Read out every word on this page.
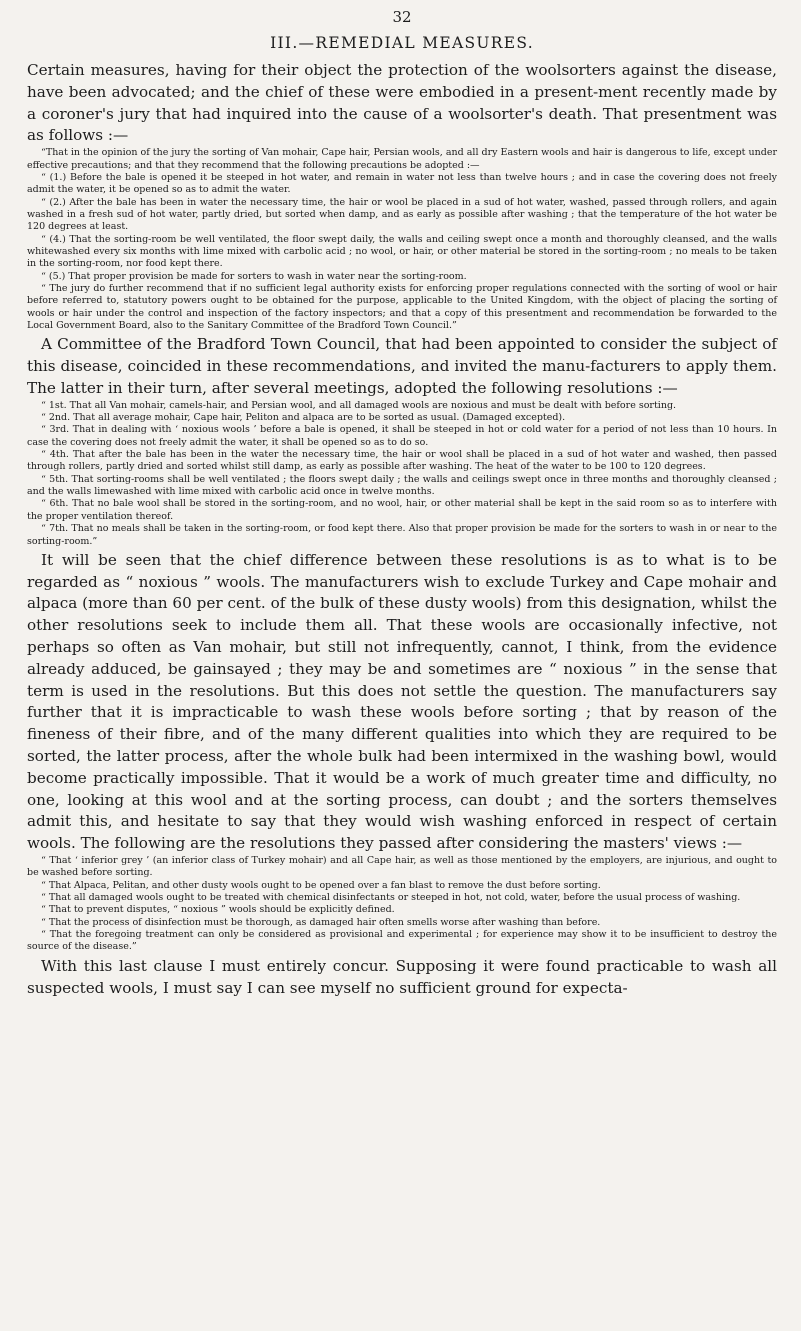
32
III.—REMEDIAL MEASURES.

Certain measures, having for their object the protection of the woolsorters against the disease, have been advocated; and the chief of these were embodied in a present-ment recently made by a coroner's jury that had inquired into the cause of a woolsorter's death. That presentment was as follows :—

“That in the opinion of the jury the sorting of Van mohair, Cape hair, Persian wools, and all dry Eastern wools and hair is dangerous to life, except under effective precautions; and that they recommend that the following precautions be adopted :—

“ (1.) Before the bale is opened it be steeped in hot water, and remain in water not less than twelve hours ; and in case the covering does not freely admit the water, it be opened so as to admit the water.

“ (2.) After the bale has been in water the necessary time, the hair or wool be placed in a sud of hot water, washed, passed through rollers, and again washed in a fresh sud of hot water, partly dried, but sorted when damp, and as early as possible after washing ; that the temperature of the hot water be 120 degrees at least.

“ (4.) That the sorting-room be well ventilated, the floor swept daily, the walls and ceiling swept once a month and thoroughly cleansed, and the walls whitewashed every six months with lime mixed with carbolic acid ; no wool, or hair, or other material be stored in the sorting-room ; no meals to be taken in the sorting-room, nor food kept there.

“ (5.) That proper provision be made for sorters to wash in water near the sorting-room.

“ The jury do further recommend that if no sufficient legal authority exists for enforcing proper regulations connected with the sorting of wool or hair before referred to, statutory powers ought to be obtained for the purpose, applicable to the United Kingdom, with the object of placing the sorting of wools or hair under the control and inspection of the factory inspectors; and that a copy of this presentment and recommendation be forwarded to the Local Government Board, also to the Sanitary Committee of the Bradford Town Council.”

A Committee of the Bradford Town Council, that had been appointed to consider the subject of this disease, coincided in these recommendations, and invited the manu-facturers to apply them. The latter in their turn, after several meetings, adopted the following resolutions :—

“ 1st. That all Van mohair, camels-hair, and Persian wool, and all damaged wools are noxious and must be dealt with before sorting.

“ 2nd. That all average mohair, Cape hair, Peliton and alpaca are to be sorted as usual. (Damaged excepted).

“ 3rd. That in dealing with ‘ noxious wools ’ before a bale is opened, it shall be steeped in hot or cold water for a period of not less than 10 hours. In case the covering does not freely admit the water, it shall be opened so as to do so.

“ 4th. That after the bale has been in the water the necessary time, the hair or wool shall be placed in a sud of hot water and washed, then passed through rollers, partly dried and sorted whilst still damp, as early as possible after washing. The heat of the water to be 100 to 120 degrees.

“ 5th. That sorting-rooms shall be well ventilated ; the floors swept daily ; the walls and ceilings swept once in three months and thoroughly cleansed ; and the walls limewashed with lime mixed with carbolic acid once in twelve months.

“ 6th. That no bale wool shall be stored in the sorting-room, and no wool, hair, or other material shall be kept in the said room so as to interfere with the proper ventilation thereof.

“ 7th. That no meals shall be taken in the sorting-room, or food kept there. Also that proper provision be made for the sorters to wash in or near to the sorting-room.”

It will be seen that the chief difference between these resolutions is as to what is to be regarded as “ noxious ” wools. The manufacturers wish to exclude Turkey and Cape mohair and alpaca (more than 60 per cent. of the bulk of these dusty wools) from this designation, whilst the other resolutions seek to include them all. That these wools are occasionally infective, not perhaps so often as Van mohair, but still not infrequently, cannot, I think, from the evidence already adduced, be gainsayed ; they may be and sometimes are “ noxious ” in the sense that term is used in the resolutions. But this does not settle the question. The manufacturers say further that it is impracticable to wash these wools before sorting ; that by reason of the fineness of their fibre, and of the many different qualities into which they are required to be sorted, the latter process, after the whole bulk had been intermixed in the washing bowl, would become practically impossible. That it would be a work of much greater time and difficulty, no one, looking at this wool and at the sorting process, can doubt ; and the sorters themselves admit this, and hesitate to say that they would wish washing enforced in respect of certain wools. The following are the resolutions they passed after considering the masters' views :—

“ That ‘ inferior grey ’ (an inferior class of Turkey mohair) and all Cape hair, as well as those mentioned by the employers, are injurious, and ought to be washed before sorting.

“ That Alpaca, Pelitan, and other dusty wools ought to be opened over a fan blast to remove the dust before sorting.

“ That all damaged wools ought to be treated with chemical disinfectants or steeped in hot, not cold, water, before the usual process of washing.

“ That to prevent disputes, “ noxious ” wools should be explicitly defined.

“ That the process of disinfection must be thorough, as damaged hair often smells worse after washing than before.

“ That the foregoing treatment can only be considered as provisional and experimental ; for experience may show it to be insufficient to destroy the source of the disease.”

With this last clause I must entirely concur. Supposing it were found practicable to wash all suspected wools, I must say I can see myself no sufficient ground for expecta-
